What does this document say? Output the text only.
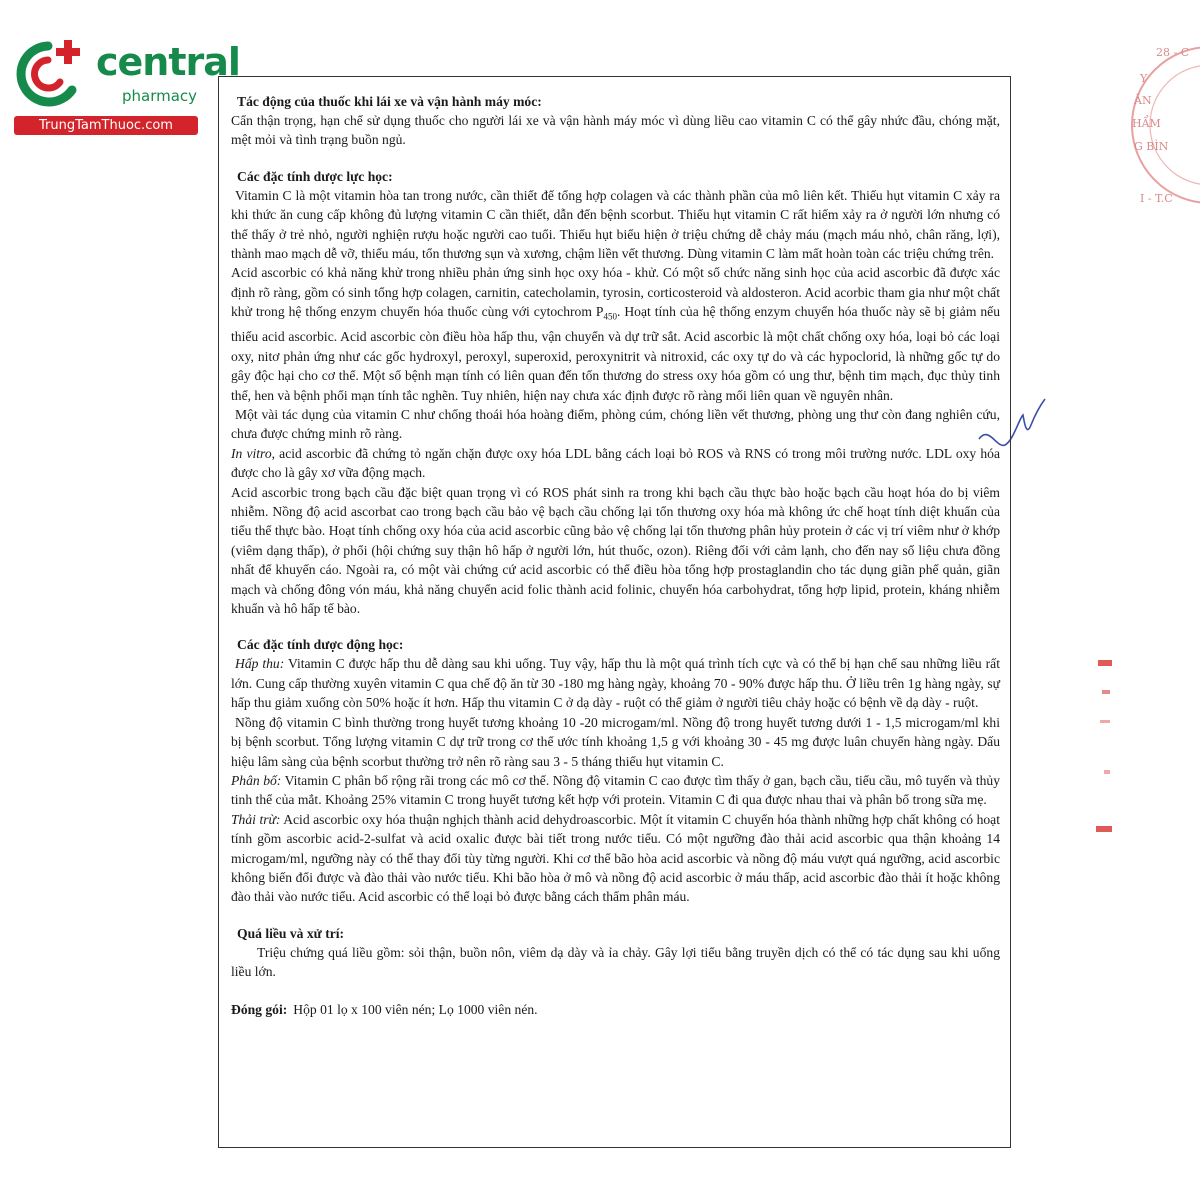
central
pharmacy
TrungTamThuoc.com
28 - C
Y
ÂN
HẨM
G BÌN
I - T.C
Tác động của thuốc khi lái xe và vận hành máy móc:

Cẩn thận trọng, hạn chế sử dụng thuốc cho người lái xe và vận hành máy móc vì dùng liều cao vitamin C có thể gây nhức đầu, chóng mặt, mệt mỏi và tình trạng buồn ngủ.

Các đặc tính dược lực học:

Vitamin C là một vitamin hòa tan trong nước, cần thiết để tổng hợp colagen và các thành phần của mô liên kết. Thiếu hụt vitamin C xảy ra khi thức ăn cung cấp không đủ lượng vitamin C cần thiết, dẫn đến bệnh scorbut. Thiếu hụt vitamin C rất hiếm xảy ra ở người lớn nhưng có thể thấy ở trẻ nhỏ, người nghiện rượu hoặc người cao tuổi. Thiếu hụt biểu hiện ở triệu chứng dễ chảy máu (mạch máu nhỏ, chân răng, lợi), thành mao mạch dễ vỡ, thiếu máu, tổn thương sụn và xương, chậm liền vết thương. Dùng vitamin C làm mất hoàn toàn các triệu chứng trên.

Acid ascorbic có khả năng khử trong nhiều phản ứng sinh học oxy hóa - khử. Có một số chức năng sinh học của acid ascorbic đã được xác định rõ ràng, gồm có sinh tổng hợp colagen, carnitin, catecholamin, tyrosin, corticosteroid và aldosteron. Acid acorbic tham gia như một chất khử trong hệ thống enzym chuyển hóa thuốc cùng với cytochrom $P_{450}$. Hoạt tính của hệ thống enzym chuyển hóa thuốc này sẽ bị giảm nếu thiếu acid ascorbic. Acid ascorbic còn điều hòa hấp thu, vận chuyển và dự trữ sắt. Acid ascorbic là một chất chống oxy hóa, loại bỏ các loại oxy, nitơ phản ứng như các gốc hydroxyl, peroxyl, superoxid, peroxynitrit và nitroxid, các oxy tự do và các hypoclorid, là những gốc tự do gây độc hại cho cơ thể. Một số bệnh mạn tính có liên quan đến tổn thương do stress oxy hóa gồm có ung thư, bệnh tim mạch, đục thủy tinh thể, hen và bệnh phổi mạn tính tắc nghẽn. Tuy nhiên, hiện nay chưa xác định được rõ ràng mối liên quan về nguyên nhân.

Một vài tác dụng của vitamin C như chống thoái hóa hoàng điểm, phòng cúm, chóng liền vết thương, phòng ung thư còn đang nghiên cứu, chưa được chứng minh rõ ràng.

In vitro, acid ascorbic đã chứng tỏ ngăn chặn được oxy hóa LDL bằng cách loại bỏ ROS và RNS có trong môi trường nước. LDL oxy hóa được cho là gây xơ vữa động mạch.

Acid ascorbic trong bạch cầu đặc biệt quan trọng vì có ROS phát sinh ra trong khi bạch cầu thực bào hoặc bạch cầu hoạt hóa do bị viêm nhiễm. Nồng độ acid ascorbat cao trong bạch cầu bảo vệ bạch cầu chống lại tổn thương oxy hóa mà không ức chế hoạt tính diệt khuẩn của tiểu thể thực bào. Hoạt tính chống oxy hóa của acid ascorbic cũng bảo vệ chống lại tổn thương phân hủy protein ở các vị trí viêm như ở khớp (viêm dạng thấp), ở phổi (hội chứng suy thận hô hấp ở người lớn, hút thuốc, ozon). Riêng đối với cảm lạnh, cho đến nay số liệu chưa đồng nhất để khuyến cáo. Ngoài ra, có một vài chứng cứ acid ascorbic có thể điều hòa tổng hợp prostaglandin cho tác dụng giãn phế quản, giãn mạch và chống đông vón máu, khả năng chuyển acid folic thành acid folinic, chuyển hóa carbohydrat, tổng hợp lipid, protein, kháng nhiễm khuẩn và hô hấp tế bào.

Các đặc tính dược động học:

Hấp thu: Vitamin C được hấp thu dễ dàng sau khi uống. Tuy vậy, hấp thu là một quá trình tích cực và có thể bị hạn chế sau những liều rất lớn. Cung cấp thường xuyên vitamin C qua chế độ ăn từ 30 -180 mg hàng ngày, khoảng 70 - 90% được hấp thu. Ở liều trên 1g hàng ngày, sự hấp thu giảm xuống còn 50% hoặc ít hơn. Hấp thu vitamin C ở dạ dày - ruột có thể giảm ở người tiêu chảy hoặc có bệnh về dạ dày - ruột.

Nồng độ vitamin C bình thường trong huyết tương khoảng 10 -20 microgam/ml. Nồng độ trong huyết tương dưới 1 - 1,5 microgam/ml khi bị bệnh scorbut. Tổng lượng vitamin C dự trữ trong cơ thể ước tính khoảng 1,5 g với khoảng 30 - 45 mg được luân chuyển hàng ngày. Dấu hiệu lâm sàng của bệnh scorbut thường trở nên rõ ràng sau 3 - 5 tháng thiếu hụt vitamin C.

Phân bố: Vitamin C phân bố rộng rãi trong các mô cơ thể. Nồng độ vitamin C cao được tìm thấy ở gan, bạch cầu, tiểu cầu, mô tuyến và thủy tinh thể của mắt. Khoảng 25% vitamin C trong huyết tương kết hợp với protein. Vitamin C đi qua được nhau thai và phân bố trong sữa mẹ.

Thải trừ: Acid ascorbic oxy hóa thuận nghịch thành acid dehydroascorbic. Một ít vitamin C chuyển hóa thành những hợp chất không có hoạt tính gồm ascorbic acid-2-sulfat và acid oxalic được bài tiết trong nước tiểu. Có một ngưỡng đào thải acid ascorbic qua thận khoảng 14 microgam/ml, ngưỡng này có thể thay đổi tùy từng người. Khi cơ thể bão hòa acid ascorbic và nồng độ máu vượt quá ngưỡng, acid ascorbic không biến đổi được và đào thải vào nước tiểu. Khi bão hòa ở mô và nồng độ acid ascorbic ở máu thấp, acid ascorbic đào thải ít hoặc không đào thải vào nước tiểu. Acid ascorbic có thể loại bỏ được bằng cách thẩm phân máu.

Quá liều và xử trí:

Triệu chứng quá liều gồm: sỏi thận, buồn nôn, viêm dạ dày và ỉa chảy. Gây lợi tiểu bằng truyền dịch có thể có tác dụng sau khi uống liều lớn.

Đóng gói: Hộp 01 lọ x 100 viên nén; Lọ 1000 viên nén.
